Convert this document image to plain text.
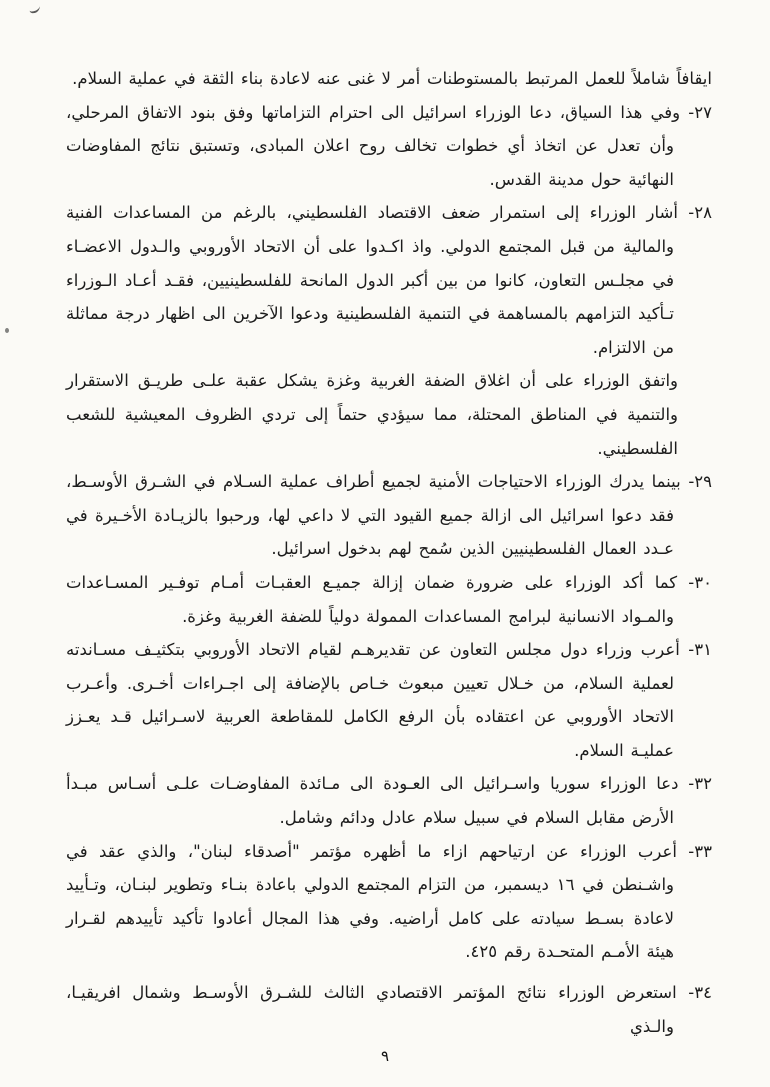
ايقافاً شاملاً للعمل المرتبط بالمستوطنات أمر لا غنى عنه لاعادة بناء الثقة في عملية السلام.

٢٧- وفي هذا السياق، دعا الوزراء اسرائيل الى احترام التزاماتها وفق بنود الاتفاق المرحلي، وأن تعدل عن اتخاذ أي خطوات تخالف روح اعلان المبادى، وتستبق نتائج المفاوضات النهائية حول مدينة القدس.

٢٨- أشار الوزراء إلى استمرار ضعف الاقتصاد الفلسطيني، بالرغم من المساعدات الفنية والمالية من قبل المجتمع الدولي. واذ اكـدوا على أن الاتحاد الأوروبي والـدول الاعضـاء في مجلـس التعاون، كانوا من بين أكبر الدول المانحة للفلسطينيين، فقـد أعـاد الـوزراء تـأكيد التزامهم بالمساهمة في التنمية الفلسطينية ودعوا الآخرين الى اظهار درجة مماثلة من الالتزام.

واتفق الوزراء على أن اغلاق الضفة الغربية وغزة يشكل عقبة علـى طريـق الاستقرار والتنمية في المناطق المحتلة، مما سيؤدي حتماً إلى تردي الظروف المعيشية للشعب الفلسطيني.

٢٩- بينما يدرك الوزراء الاحتياجات الأمنية لجميع أطراف عملية السـلام في الشـرق الأوسـط، فقد دعوا اسرائيل الى ازالة جميع القيود التي لا داعي لها، ورحبوا بالزيـادة الأخـيرة في عـدد العمال الفلسطينيين الذين سُمح لهم بدخول اسرائيل.

٣٠- كما أكد الوزراء على ضرورة ضمان إزالة جميـع العقبـات أمـام توفـير المسـاعدات والمـواد الانسانية لبرامج المساعدات الممولة دولياً للضفة الغربية وغزة.

٣١- أعرب وزراء دول مجلس التعاون عن تقديرهـم لقيام الاتحاد الأوروبي بتكثيـف مسـاندته لعملية السلام، من خـلال تعيين مبعوث خـاص بالإضافة إلى اجـراءات أخـرى. وأعـرب الاتحاد الأوروبي عن اعتقاده بأن الرفع الكامل للمقاطعة العربية لاسـرائيل قـد يعـزز عمليـة السلام.

٣٢- دعا الوزراء سوريا واسـرائيل الى العـودة الى مـائدة المفاوضـات علـى أسـاس مبـدأ الأرض مقابل السلام في سبيل سلام عادل ودائم وشامل.

٣٣- أعرب الوزراء عن ارتياحهم ازاء ما أظهره مؤتمر "أصدقاء لبنان"، والذي عقد في واشـنطن في ١٦ ديسمبر، من التزام المجتمع الدولي باعادة بنـاء وتطوير لبنـان، وتـأييد لاعادة بسـط سيادته على كامل أراضيه. وفي هذا المجال أعادوا تأكيد تأييدهم لقـرار هيئة الأمـم المتحـدة رقم ٤٢٥.

٣٤- استعرض الوزراء نتائج المؤتمر الاقتصادي الثالث للشـرق الأوسـط وشمال افريقيـا، والـذي

٩
